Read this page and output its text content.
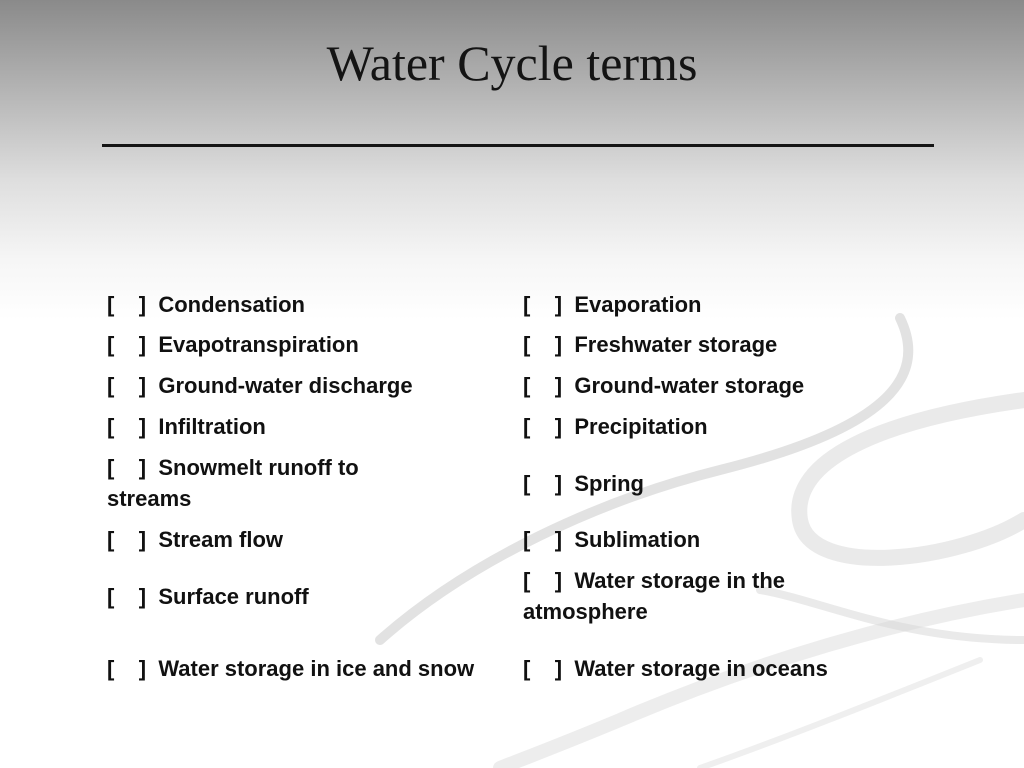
Water Cycle terms
[    ]  Condensation
[    ]  Evapotranspiration
[    ]  Ground-water discharge
[    ]  Infiltration
[    ]  Snowmelt runoff to streams
[    ]  Stream flow
[    ]  Surface runoff
[    ]  Water storage in ice and snow
[    ]  Evaporation
[    ]  Freshwater storage
[    ]  Ground-water storage
[    ]  Precipitation
[    ]  Spring
[    ]  Sublimation
[    ]  Water storage in the atmosphere
[    ]  Water storage in oceans
